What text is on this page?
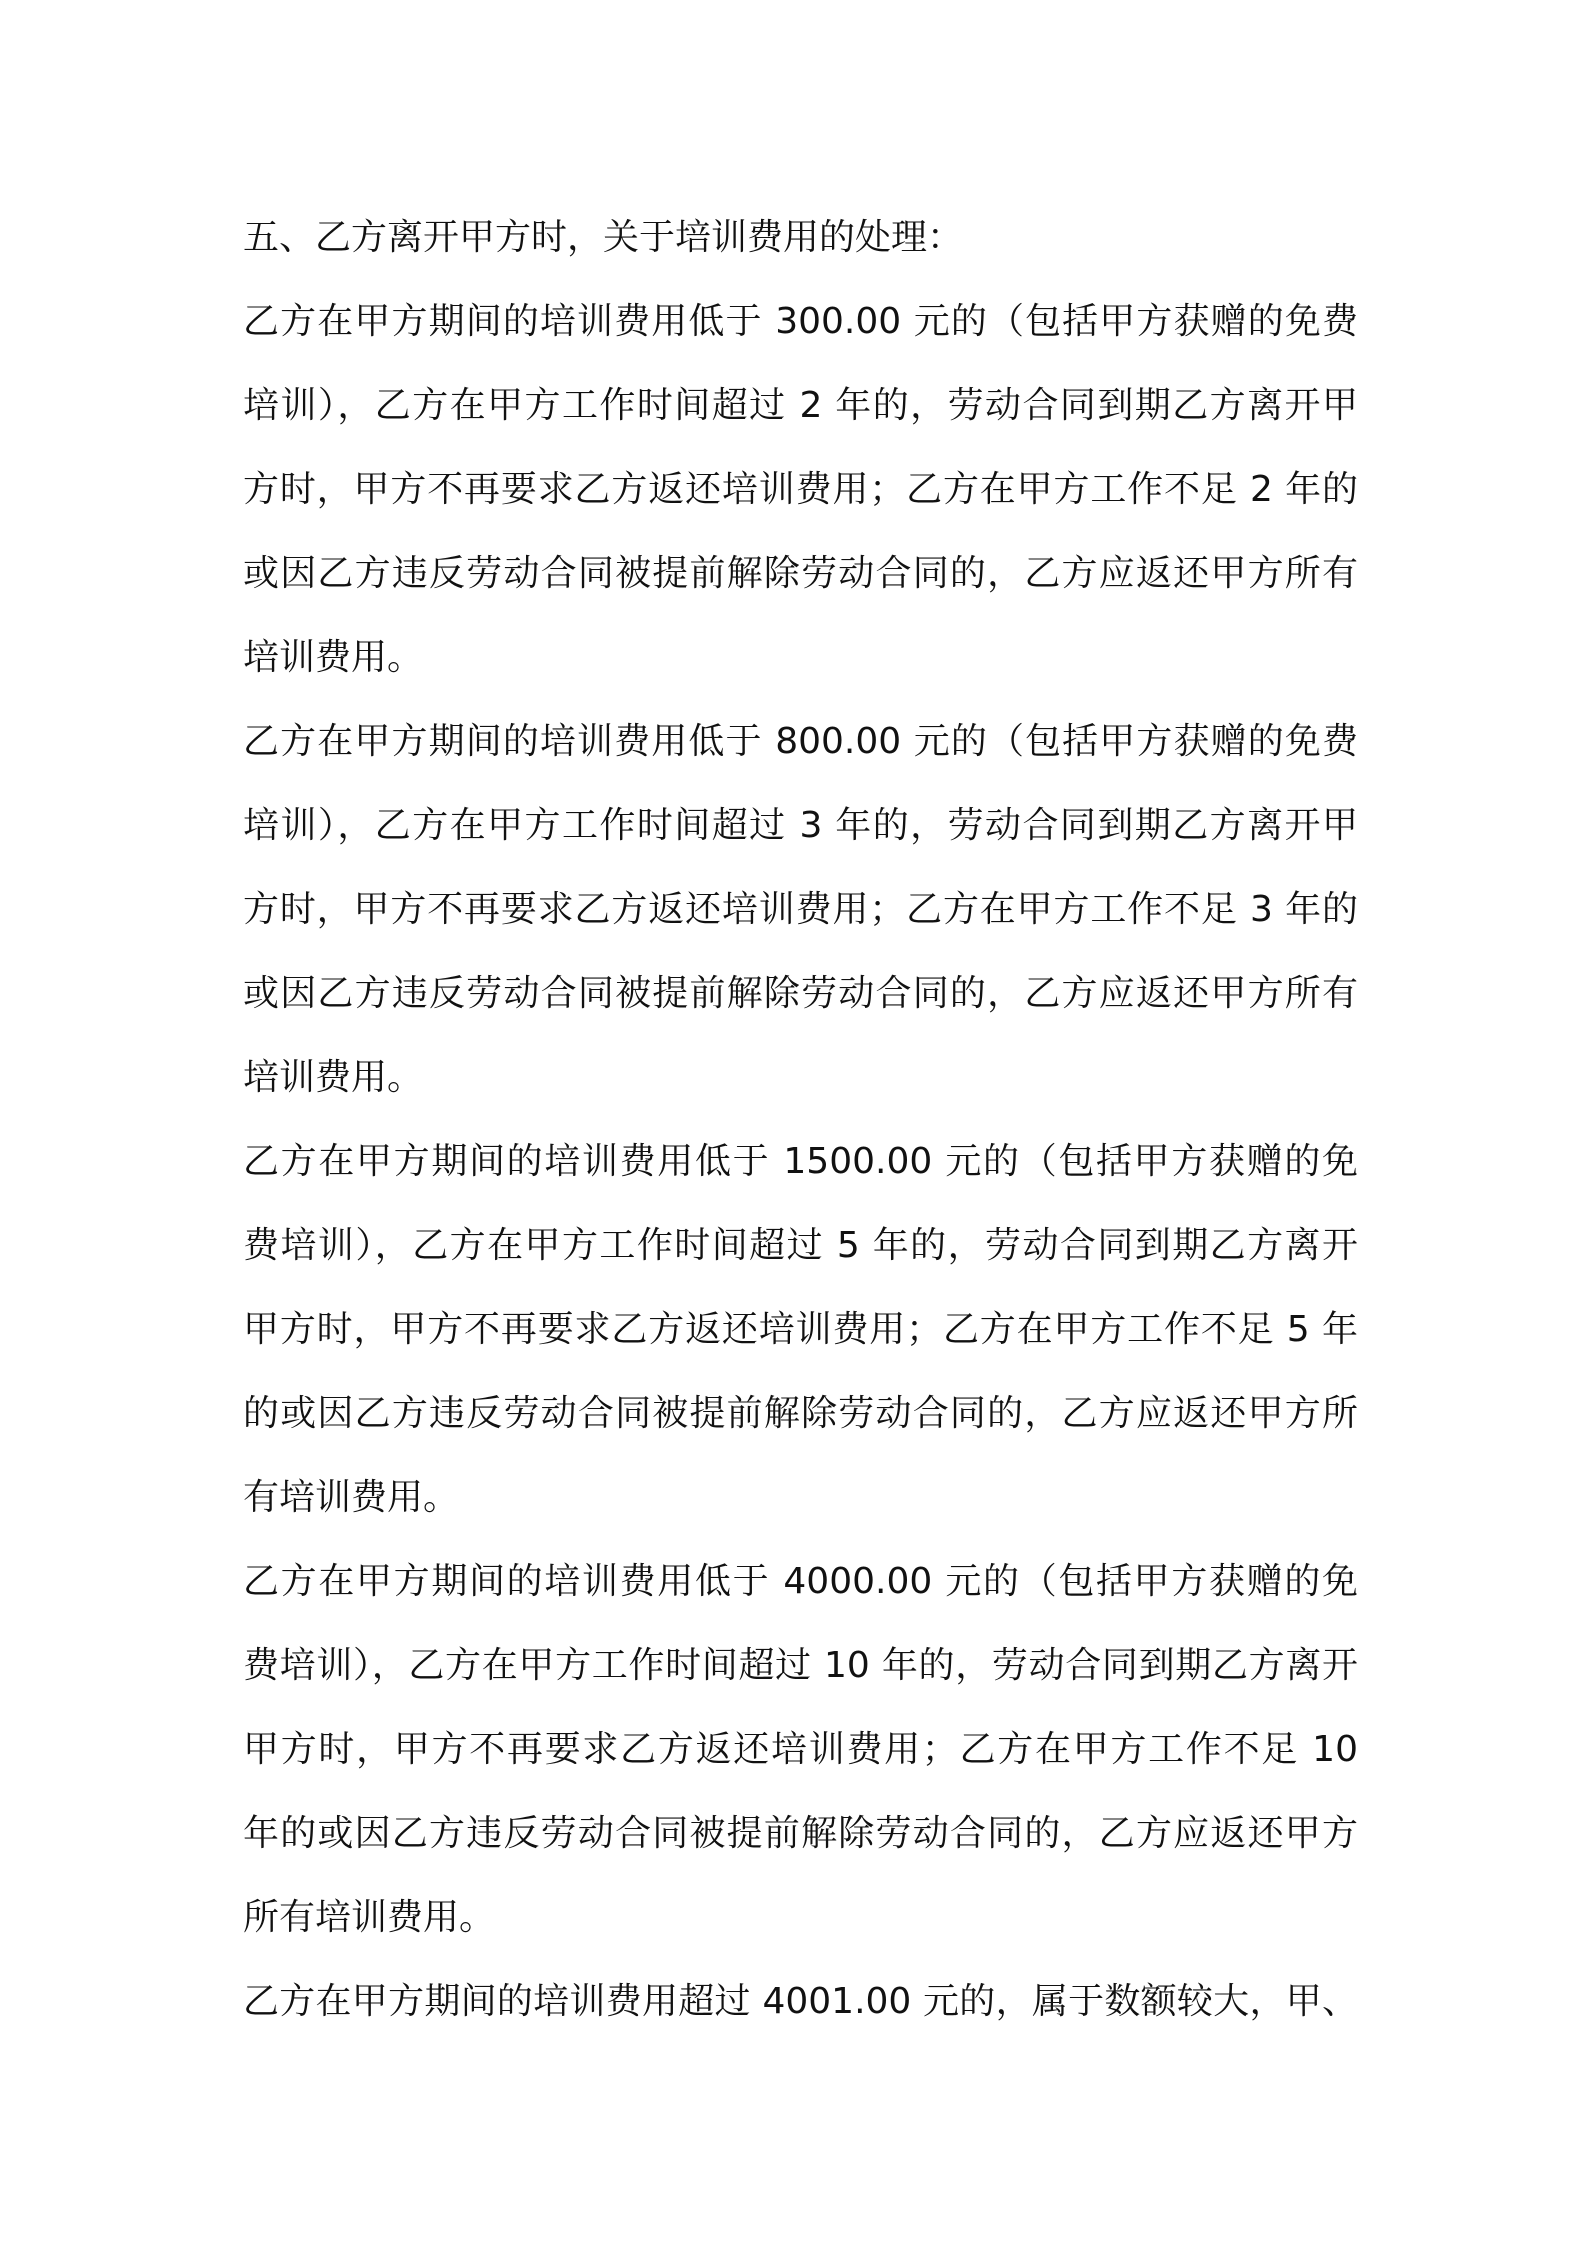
五、乙方离开甲方时，关于培训费用的处理：
乙方在甲方期间的培训费用低于 300.00 元的（包括甲方获赠的免费
培训），乙方在甲方工作时间超过 2 年的，劳动合同到期乙方离开甲
方时，甲方不再要求乙方返还培训费用；乙方在甲方工作不足 2 年的
或因乙方违反劳动合同被提前解除劳动合同的，乙方应返还甲方所有
培训费用。
乙方在甲方期间的培训费用低于 800.00 元的（包括甲方获赠的免费
培训），乙方在甲方工作时间超过 3 年的，劳动合同到期乙方离开甲
方时，甲方不再要求乙方返还培训费用；乙方在甲方工作不足 3 年的
或因乙方违反劳动合同被提前解除劳动合同的，乙方应返还甲方所有
培训费用。
乙方在甲方期间的培训费用低于 1500.00 元的（包括甲方获赠的免
费培训），乙方在甲方工作时间超过 5 年的，劳动合同到期乙方离开
甲方时，甲方不再要求乙方返还培训费用；乙方在甲方工作不足 5 年
的或因乙方违反劳动合同被提前解除劳动合同的，乙方应返还甲方所
有培训费用。
乙方在甲方期间的培训费用低于 4000.00 元的（包括甲方获赠的免
费培训），乙方在甲方工作时间超过 10 年的，劳动合同到期乙方离开
甲方时，甲方不再要求乙方返还培训费用；乙方在甲方工作不足 10
年的或因乙方违反劳动合同被提前解除劳动合同的，乙方应返还甲方
所有培训费用。
乙方在甲方期间的培训费用超过 4001.00 元的，属于数额较大，甲、
